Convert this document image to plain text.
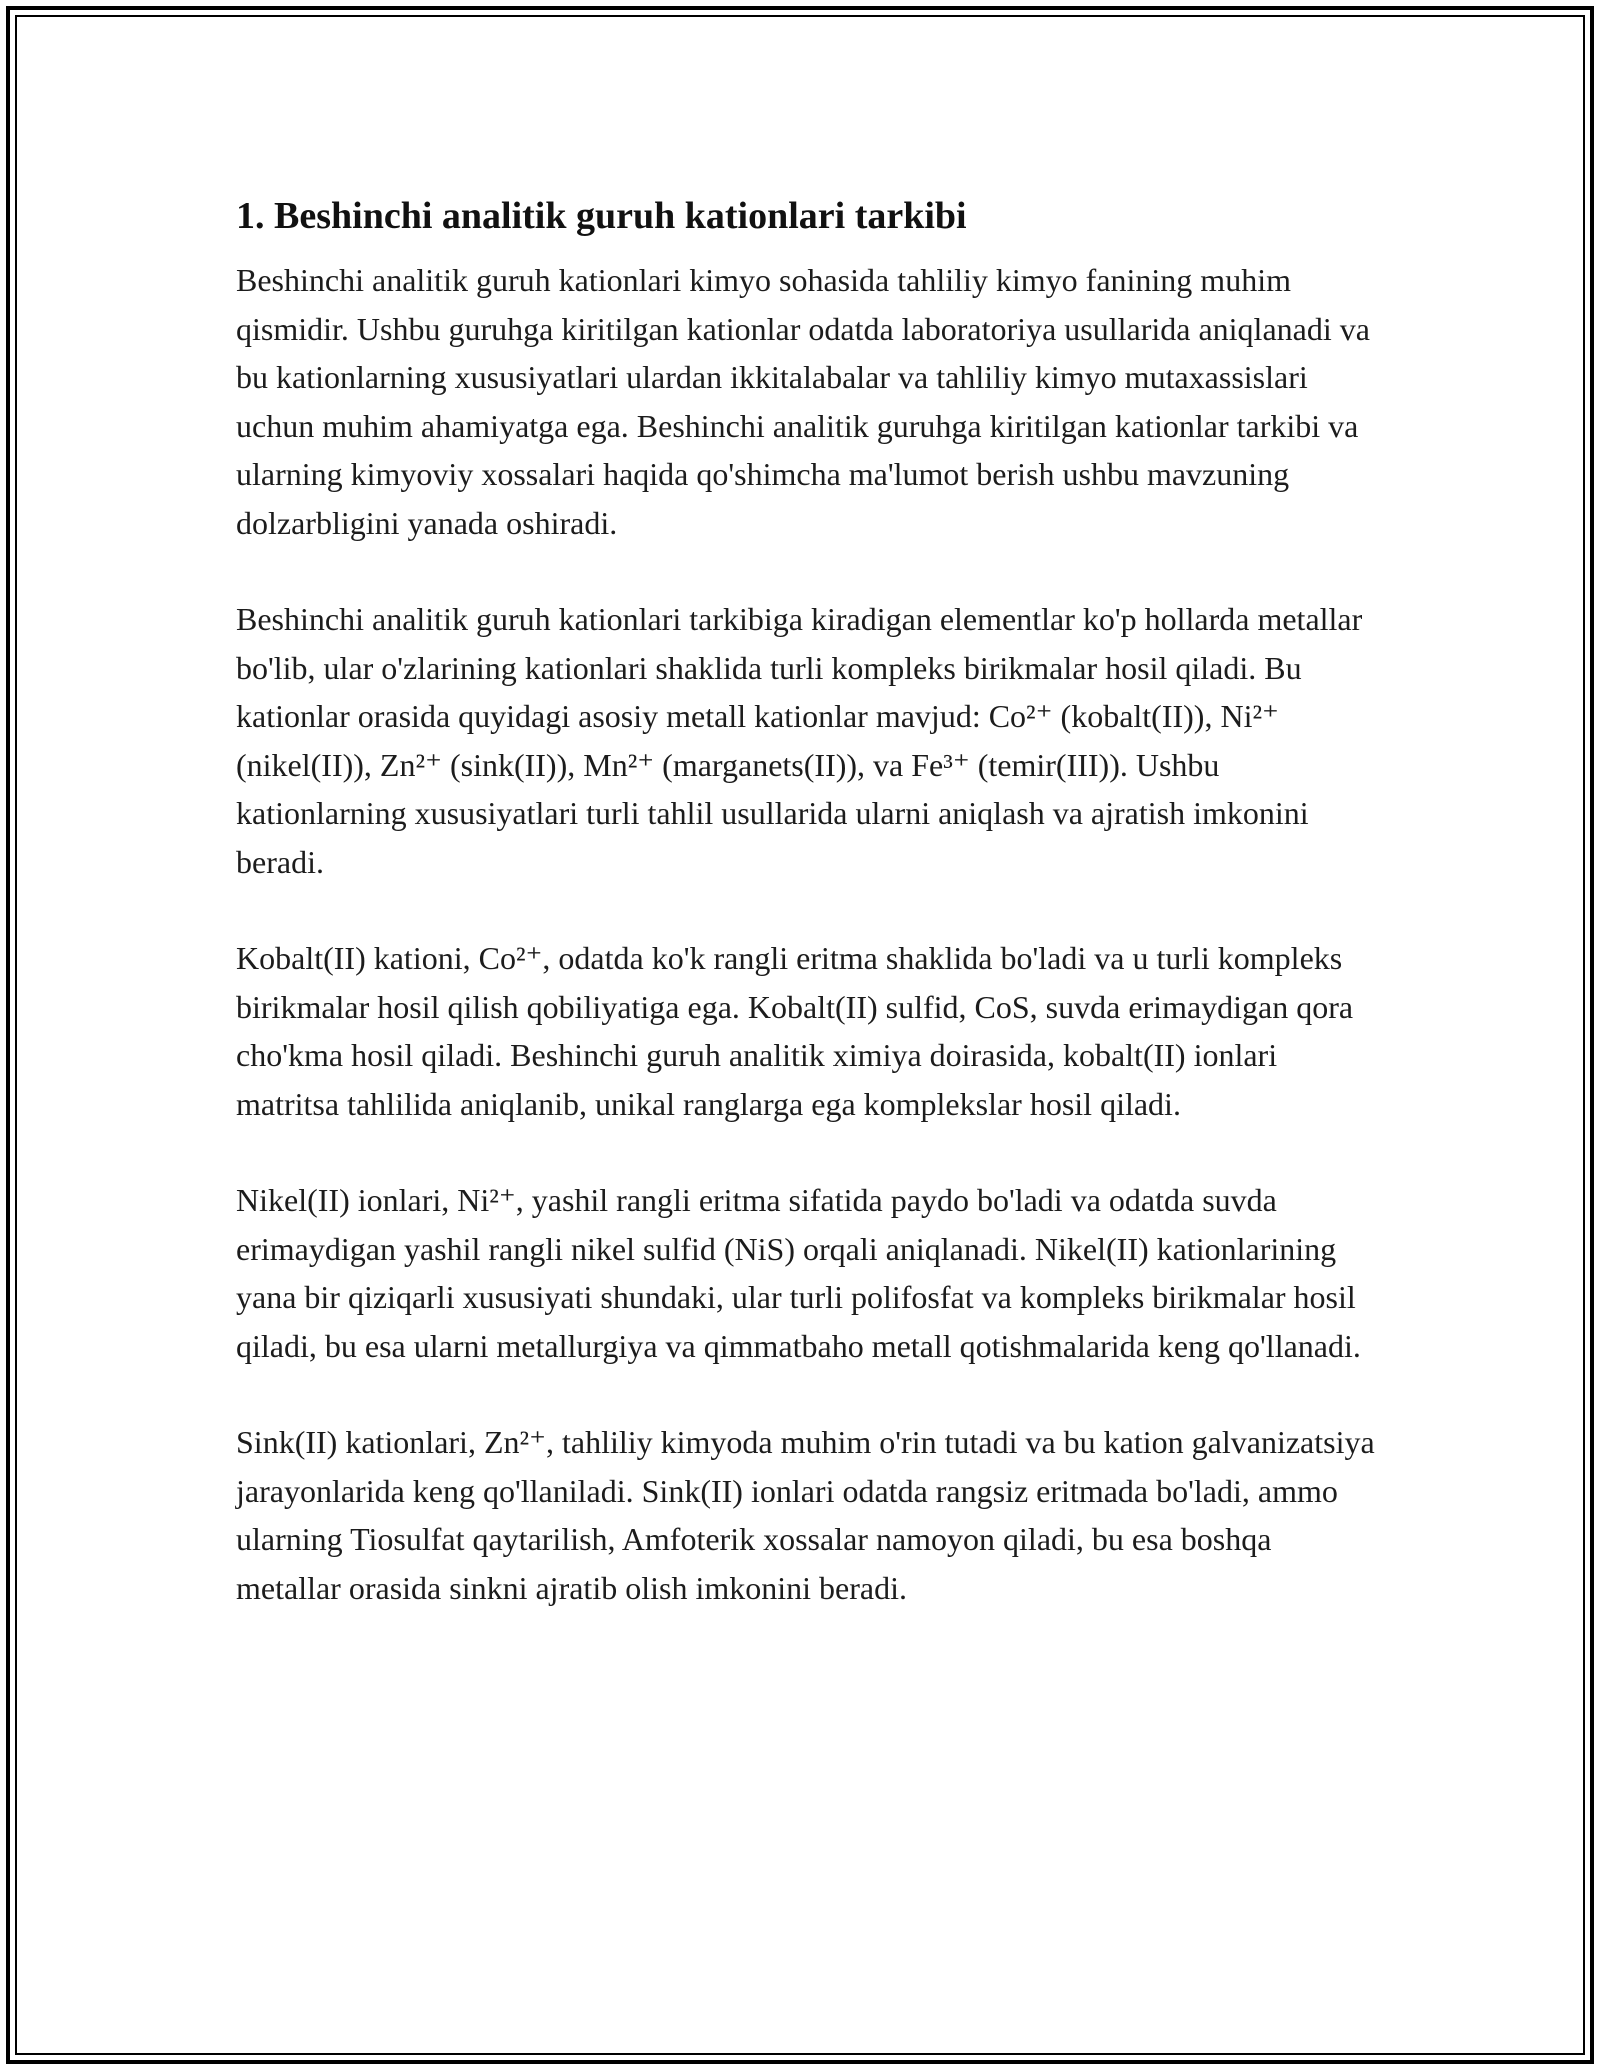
1. Beshinchi analitik guruh kationlari tarkibi

Beshinchi analitik guruh kationlari kimyo sohasida tahliliy kimyo fanining muhim qismidir. Ushbu guruhga kiritilgan kationlar odatda laboratoriya usullarida aniqlanadi va bu kationlarning xususiyatlari ulardan ikkitalabalar va tahliliy kimyo mutaxassislari uchun muhim ahamiyatga ega. Beshinchi analitik guruhga kiritilgan kationlar tarkibi va ularning kimyoviy xossalari haqida qo'shimcha ma'lumot berish ushbu mavzuning dolzarbligini yanada oshiradi.

Beshinchi analitik guruh kationlari tarkibiga kiradigan elementlar ko'p hollarda metallar bo'lib, ular o'zlarining kationlari shaklida turli kompleks birikmalar hosil qiladi. Bu kationlar orasida quyidagi asosiy metall kationlar mavjud: Co²⁺ (kobalt(II)), Ni²⁺ (nikel(II)), Zn²⁺ (sink(II)), Mn²⁺ (marganets(II)), va Fe³⁺ (temir(III)). Ushbu kationlarning xususiyatlari turli tahlil usullarida ularni aniqlash va ajratish imkonini beradi.

Kobalt(II) kationi, Co²⁺, odatda ko'k rangli eritma shaklida bo'ladi va u turli kompleks birikmalar hosil qilish qobiliyatiga ega. Kobalt(II) sulfid, CoS, suvda erimaydigan qora cho'kma hosil qiladi. Beshinchi guruh analitik ximiya doirasida, kobalt(II) ionlari matritsa tahlilida aniqlanib, unikal ranglarga ega komplekslar hosil qiladi.

Nikel(II) ionlari, Ni²⁺, yashil rangli eritma sifatida paydo bo'ladi va odatda suvda erimaydigan yashil rangli nikel sulfid (NiS) orqali aniqlanadi. Nikel(II) kationlarining yana bir qiziqarli xususiyati shundaki, ular turli polifosfat va kompleks birikmalar hosil qiladi, bu esa ularni metallurgiya va qimmatbaho metall qotishmalarida keng qo'llanadi.

Sink(II) kationlari, Zn²⁺, tahliliy kimyoda muhim o'rin tutadi va bu kation galvanizatsiya jarayonlarida keng qo'llaniladi. Sink(II) ionlari odatda rangsiz eritmada bo'ladi, ammo ularning Tiosulfat qaytarilish, Amfoterik xossalar namoyon qiladi, bu esa boshqa metallar orasida sinkni ajratib olish imkonini beradi.
